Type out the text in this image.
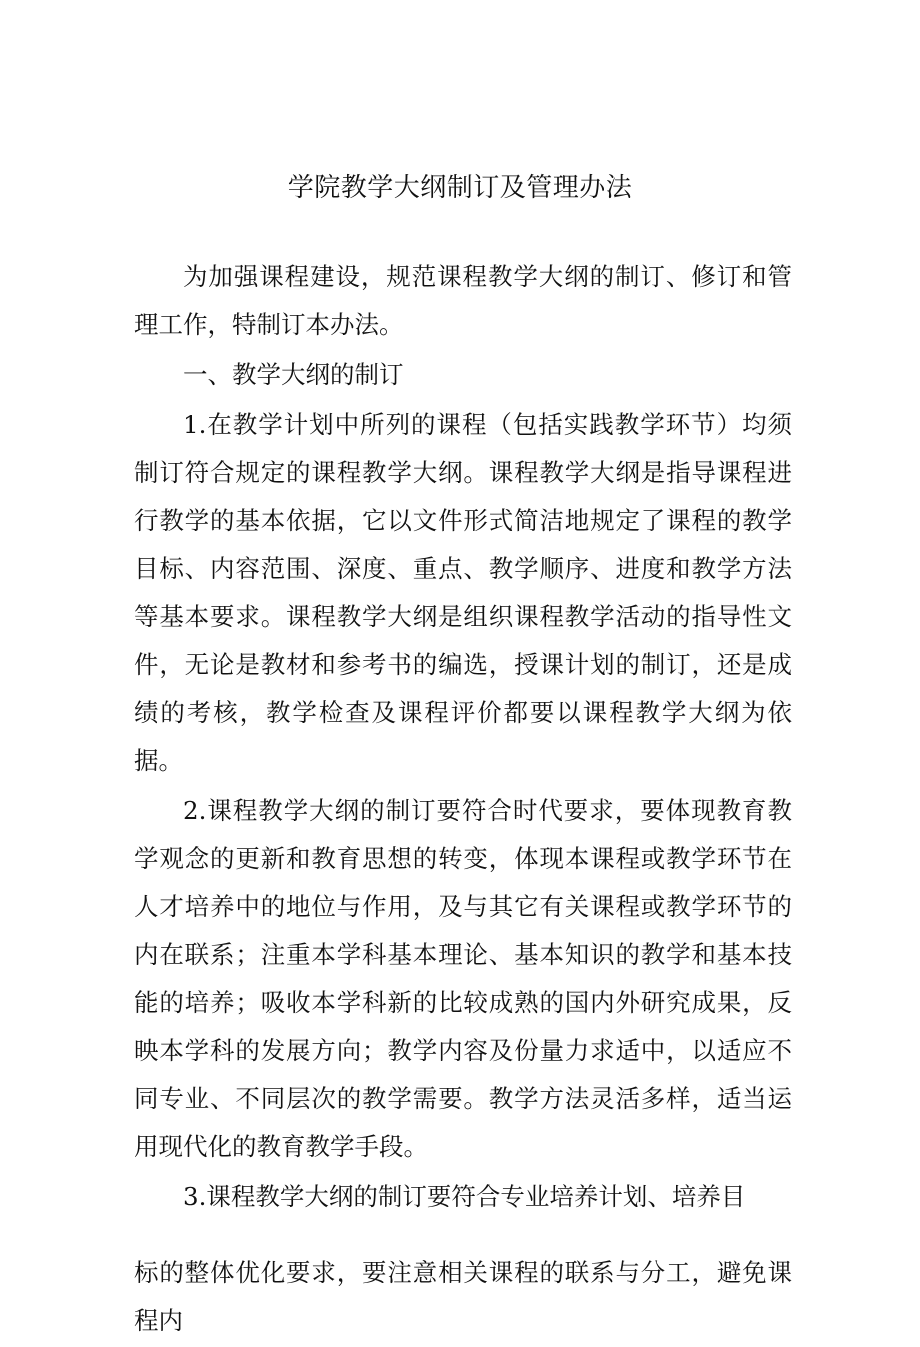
学院教学大纲制订及管理办法

为加强课程建设，规范课程教学大纲的制订、修订和管理工作，特制订本办法。

一、教学大纲的制订

1.在教学计划中所列的课程（包括实践教学环节）均须制订符合规定的课程教学大纲。课程教学大纲是指导课程进行教学的基本依据，它以文件形式简洁地规定了课程的教学目标、内容范围、深度、重点、教学顺序、进度和教学方法等基本要求。课程教学大纲是组织课程教学活动的指导性文件，无论是教材和参考书的编选，授课计划的制订，还是成绩的考核，教学检查及课程评价都要以课程教学大纲为依据。

2.课程教学大纲的制订要符合时代要求，要体现教育教学观念的更新和教育思想的转变，体现本课程或教学环节在人才培养中的地位与作用，及与其它有关课程或教学环节的内在联系；注重本学科基本理论、基本知识的教学和基本技能的培养；吸收本学科新的比较成熟的国内外研究成果，反映本学科的发展方向；教学内容及份量力求适中，以适应不同专业、不同层次的教学需要。教学方法灵活多样，适当运用现代化的教育教学手段。

3.课程教学大纲的制订要符合专业培养计划、培养目

标的整体优化要求，要注意相关课程的联系与分工，避免课程内
